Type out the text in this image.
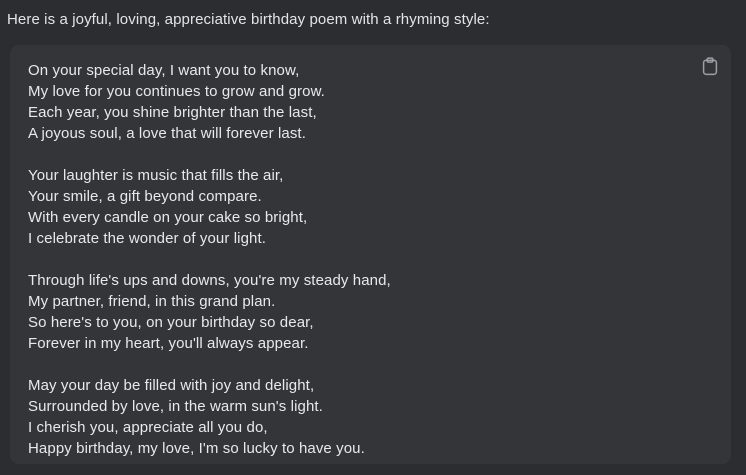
Here is a joyful, loving, appreciative birthday poem with a rhyming style:
On your special day, I want you to know,
My love for you continues to grow and grow.
Each year, you shine brighter than the last,
A joyous soul, a love that will forever last.
Your laughter is music that fills the air,
Your smile, a gift beyond compare.
With every candle on your cake so bright,
I celebrate the wonder of your light.
Through life's ups and downs, you're my steady hand,
My partner, friend, in this grand plan.
So here's to you, on your birthday so dear,
Forever in my heart, you'll always appear.
May your day be filled with joy and delight,
Surrounded by love, in the warm sun's light.
I cherish you, appreciate all you do,
Happy birthday, my love, I'm so lucky to have you.
